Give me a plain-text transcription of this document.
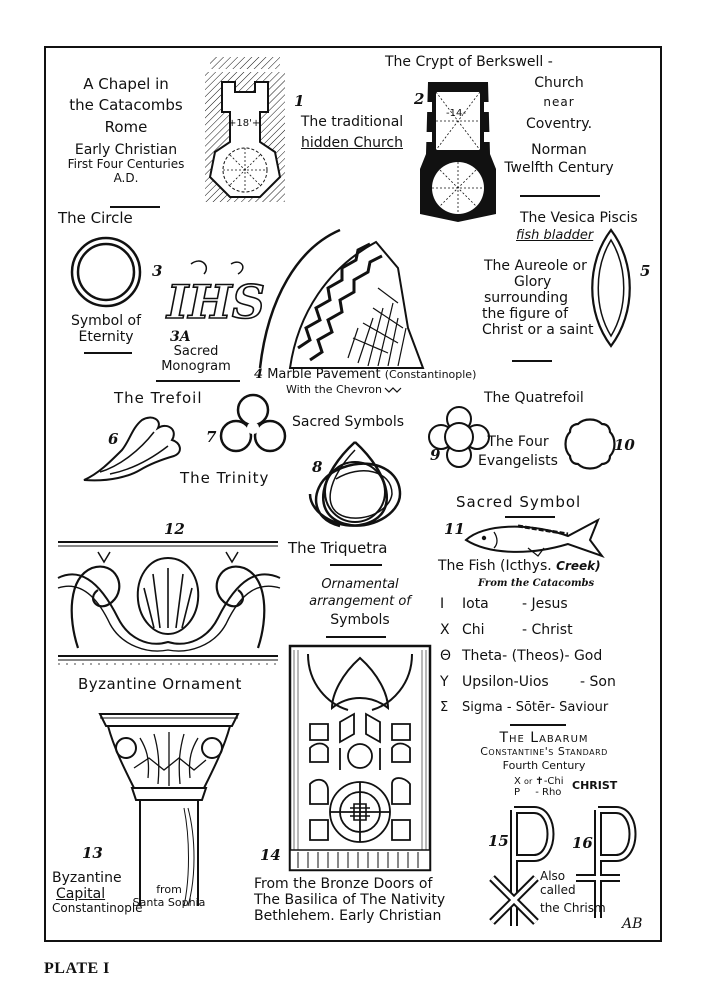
A Chapel in
the Catacombs
Rome
Early Christian
First Four Centuries
A.D.
+18'+
1
The traditional
hidden Church
The Crypt of Berkswell -
2
-14-
Church
near
Coventry.
Norman
Twelfth Century
The Circle
3
Symbol of
Eternity
IHS
3A
Sacred
Monogram
4 Marble Pavement (Constantinople)
With the Chevron
The Vesica Piscis
fish bladder
5
The Aureole or
Glory
surrounding
the figure of
Christ or a saint
The Trefoil
6	7
The Trinity
Sacred Symbols
8
The Triquetra
The Quatrefoil
9
The Four
Evangelists
10
Sacred Symbol
11
The Fish (Icthys. Creek)
From the Catacombs
I Iota - Jesus
X Chi	- Christ
Θ Theta- (Theos)- God
Y Upsilon-Uios - Son
Σ Sigma - Sōtēr- Saviour
The Labarum
Constantine's Standard
Fourth Century
X or ✝-Chi
P - Rho
CHRIST
15	16
Also
called
the Chrism
AB
12
Byzantine Ornament
13
Byzantine
Capital
Constantinople
from
Santa Sophia
Ornamental
arrangement of
Symbols
14
From the Bronze Doors of
The Basilica of The Nativity
Bethlehem. Early Christian
PLATE I
